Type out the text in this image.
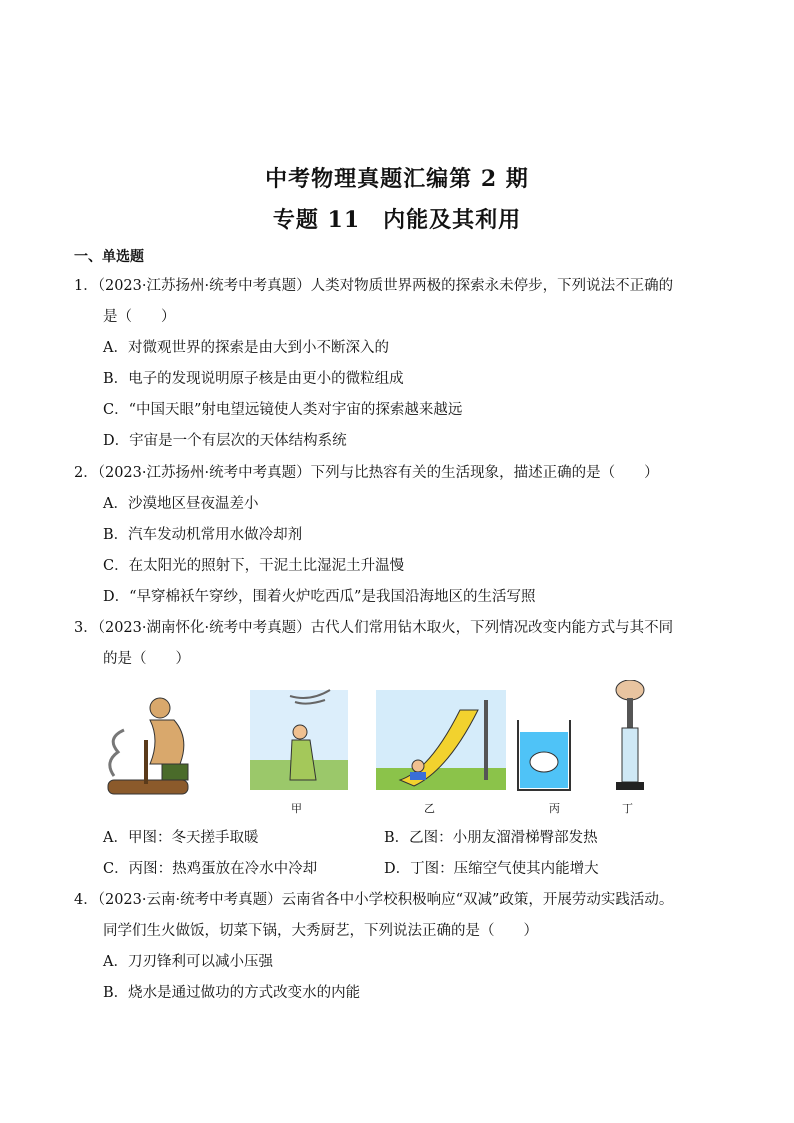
中考物理真题汇编第 2 期
专题 11　内能及其利用
一、单选题
1．（2023·江苏扬州·统考中考真题）人类对物质世界两极的探索永未停步，下列说法不正确的
是（　　）
A．对微观世界的探索是由大到小不断深入的
B．电子的发现说明原子核是由更小的微粒组成
C．“中国天眼”射电望远镜使人类对宇宙的探索越来越远
D．宇宙是一个有层次的天体结构系统
2．（2023·江苏扬州·统考中考真题）下列与比热容有关的生活现象，描述正确的是（　　）
A．沙漠地区昼夜温差小
B．汽车发动机常用水做冷却剂
C．在太阳光的照射下，干泥土比湿泥土升温慢
D．“早穿棉袄午穿纱，围着火炉吃西瓜”是我国沿海地区的生活写照
3．（2023·湖南怀化·统考中考真题）古代人们常用钻木取火，下列情况改变内能方式与其不同
的是（　　）
甲	乙	丙	丁
A．甲图：冬天搓手取暖	B．乙图：小朋友溜滑梯臀部发热
C．丙图：热鸡蛋放在冷水中冷却	D．丁图：压缩空气使其内能增大
4．（2023·云南·统考中考真题）云南省各中小学校积极响应“双减”政策，开展劳动实践活动。
同学们生火做饭，切菜下锅，大秀厨艺，下列说法正确的是（　　）
A．刀刃锋利可以减小压强
B．烧水是通过做功的方式改变水的内能
